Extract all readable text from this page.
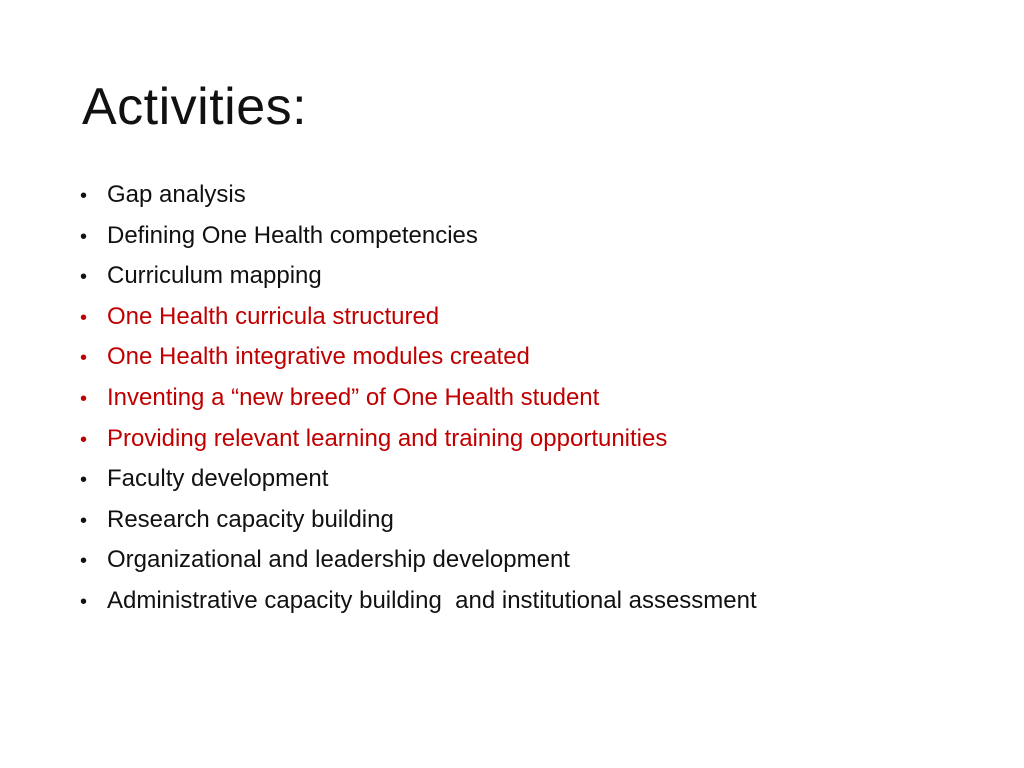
Activities:
• Gap analysis
• Defining One Health competencies
• Curriculum mapping
• One Health curricula structured
• One Health integrative modules created
• Inventing a “new breed” of One Health student
• Providing relevant learning and training opportunities
• Faculty development
• Research capacity building
• Organizational and leadership development
• Administrative capacity building  and institutional assessment
